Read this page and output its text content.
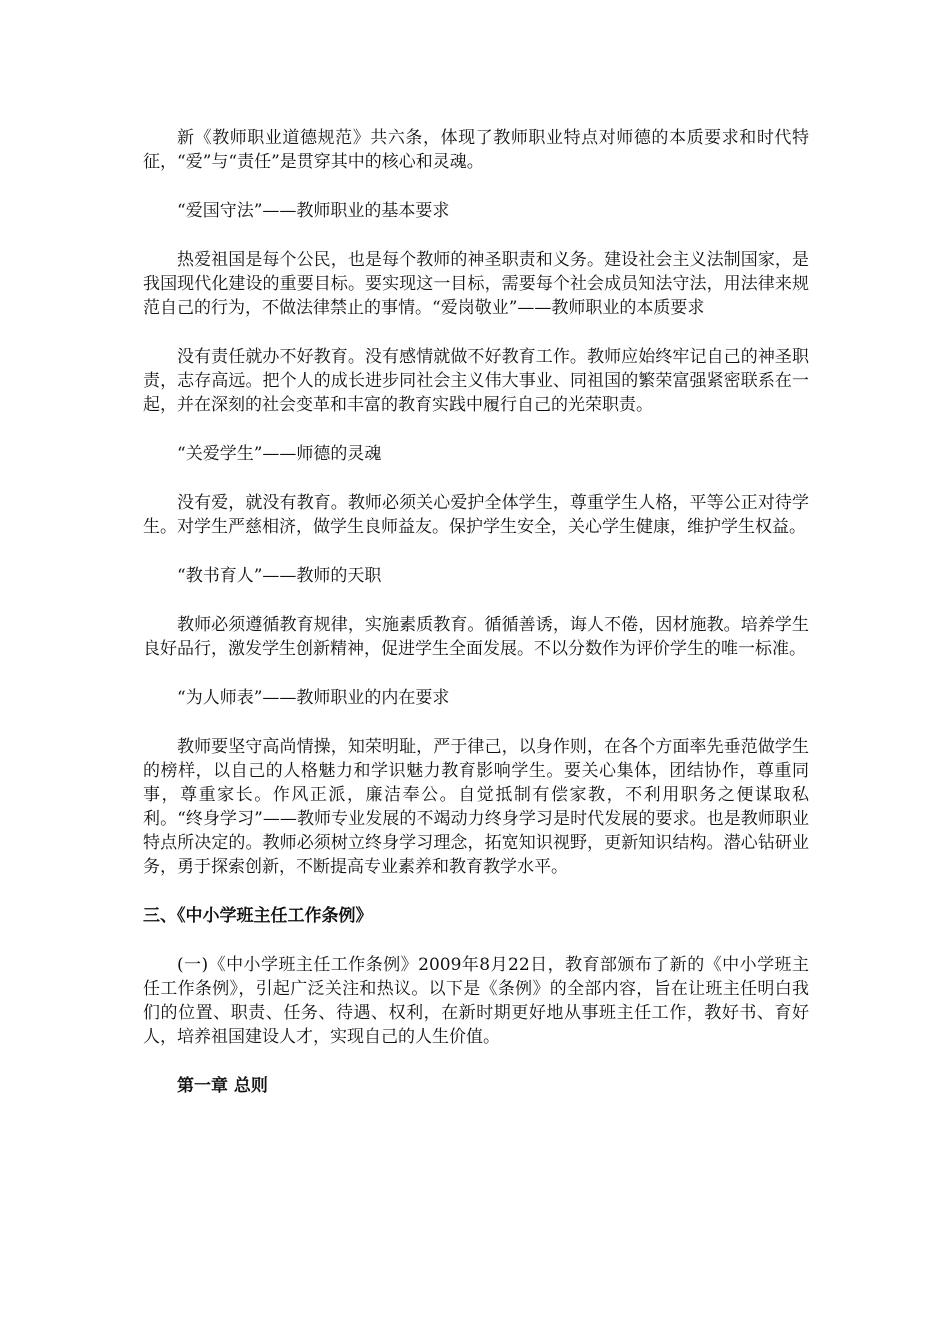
新《教师职业道德规范》共六条，体现了教师职业特点对师德的本质要求和时代特征，“爱”与“责任”是贯穿其中的核心和灵魂。

“爱国守法”——教师职业的基本要求

热爱祖国是每个公民，也是每个教师的神圣职责和义务。建设社会主义法制国家，是我国现代化建设的重要目标。要实现这一目标，需要每个社会成员知法守法，用法律来规范自己的行为，不做法律禁止的事情。“爱岗敬业”——教师职业的本质要求

没有责任就办不好教育。没有感情就做不好教育工作。教师应始终牢记自己的神圣职责，志存高远。把个人的成长进步同社会主义伟大事业、同祖国的繁荣富强紧密联系在一起，并在深刻的社会变革和丰富的教育实践中履行自己的光荣职责。

“关爱学生”——师德的灵魂

没有爱，就没有教育。教师必须关心爱护全体学生，尊重学生人格，平等公正对待学生。对学生严慈相济，做学生良师益友。保护学生安全，关心学生健康，维护学生权益。

“教书育人”——教师的天职

教师必须遵循教育规律，实施素质教育。循循善诱，诲人不倦，因材施教。培养学生良好品行，激发学生创新精神，促进学生全面发展。不以分数作为评价学生的唯一标准。

“为人师表”——教师职业的内在要求

教师要坚守高尚情操，知荣明耻，严于律己，以身作则，在各个方面率先垂范做学生的榜样，以自己的人格魅力和学识魅力教育影响学生。要关心集体，团结协作，尊重同事，尊重家长。作风正派，廉洁奉公。自觉抵制有偿家教，不利用职务之便谋取私利。“终身学习”——教师专业发展的不竭动力终身学习是时代发展的要求。也是教师职业特点所决定的。教师必须树立终身学习理念，拓宽知识视野，更新知识结构。潜心钻研业务，勇于探索创新，不断提高专业素养和教育教学水平。

三、《中小学班主任工作条例》

(一)《中小学班主任工作条例》2009年8月22日，教育部颁布了新的《中小学班主任工作条例》，引起广泛关注和热议。以下是《条例》的全部内容，旨在让班主任明白我们的位置、职责、任务、待遇、权利，在新时期更好地从事班主任工作，教好书、育好人，培养祖国建设人才，实现自己的人生价值。

第一章 总则
